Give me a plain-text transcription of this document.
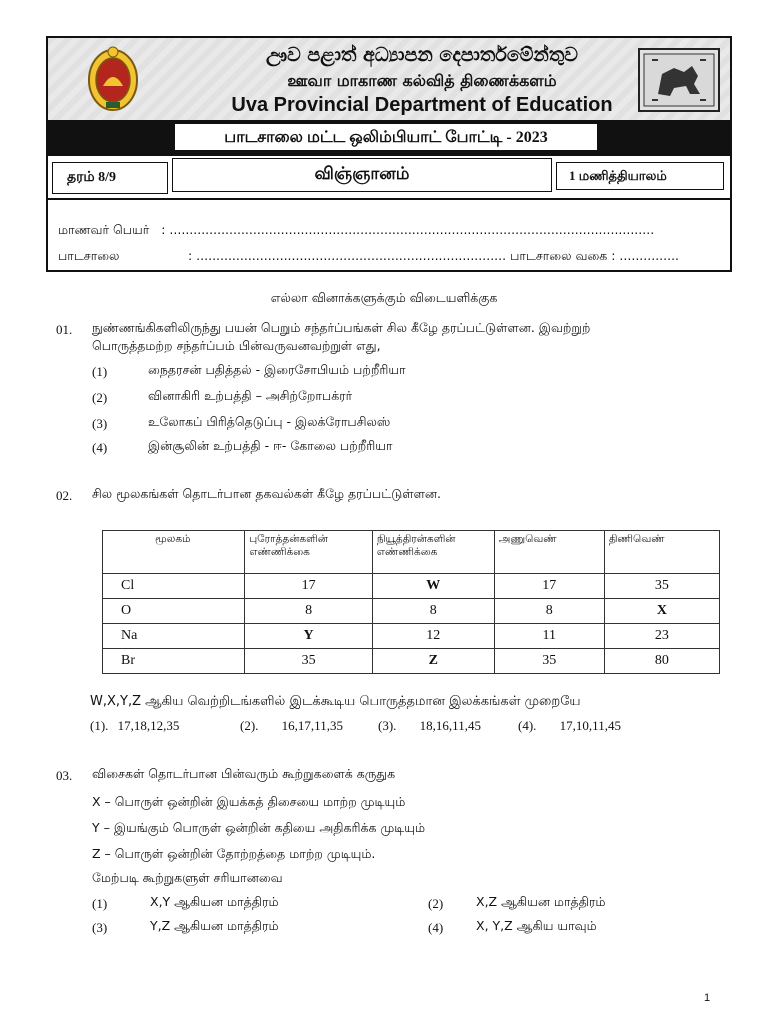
ඌව පළාත් අධ්‍යාපන දෙපාර්තමේන්තුව
ஊவா மாகாண கல்வித் திணைக்களம்
Uva Provincial Department of Education
பாடசாலை மட்ட ஒலிம்பியாட் போட்டி - 2023
தரம் 8/9	விஞ்ஞானம்	1 மணித்தியாலம்
மாணவர் பெயர் : ..........................................................................................................................
பாடசாலை	: .............................................................................. பாடசாலை வகை : ...............
எல்லா வினாக்களுக்கும் விடையளிக்குக
01. நுண்ணங்கிகளிலிருந்து பயன் பெறும் சந்தர்ப்பங்கள் சில கீழே தரப்பட்டுள்ளன. இவற்றுற்
பொருத்தமற்ற சந்தர்ப்பம் பின்வருவனவற்றுள் எது,
(1)	நைதரசன் பதித்தல் - இரைசோபியம் பற்றீரியா
(2)	வினாகிரி உற்பத்தி – அசிற்றோபக்ரர்
(3)	உலோகப் பிரித்தெடுப்பு - இலக்ரோபசிலஸ்
(4)	இன்சூலின் உற்பத்தி - ஈ- கோலை பற்றீரியா
02. சில மூலகங்கள் தொடர்பான தகவல்கள் கீழே தரப்பட்டுள்ளன.
மூலகம்	புரோத்தன்களின் எண்ணிக்கை	நியூத்திரன்களின் எண்ணிக்கை	அணுவெண்	திணிவெண்
Cl	17	W	17	35
O	8	8	8	X
Na	Y	12	11	23
Br	35	Z	35	80
W,X,Y,Z ஆகிய வெற்றிடங்களில் இடக்கூடிய பொருத்தமான இலக்கங்கள் முறையே
(1). 17,18,12,35	(2). 16,17,11,35	(3). 18,16,11,45	(4). 17,10,11,45
03. விசைகள் தொடர்பான பின்வரும் கூற்றுகளைக் கருதுக
X – பொருள் ஒன்றின் இயக்கத் திசையை மாற்ற முடியும்
Y – இயங்கும் பொருள் ஒன்றின் கதியை அதிகரிக்க முடியும்
Z – பொருள் ஒன்றின் தோற்றத்தை மாற்ற முடியும்.
மேற்படி கூற்றுகளுள் சரியானவை
(1)	X,Y ஆகியன மாத்திரம்	(2)	X,Z ஆகியன மாத்திரம்
(3)	Y,Z ஆகியன மாத்திரம்	(4)	X, Y,Z ஆகிய யாவும்
1
